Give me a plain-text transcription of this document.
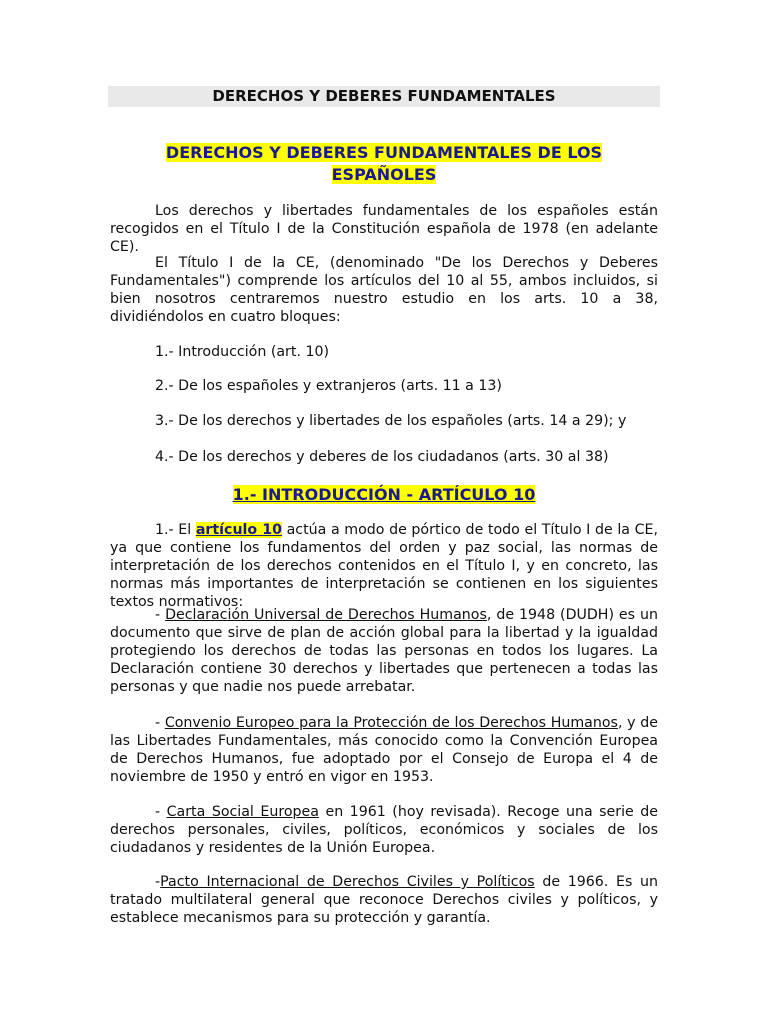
DERECHOS Y DEBERES FUNDAMENTALES
DERECHOS Y DEBERES FUNDAMENTALES DE LOS
ESPAÑOLES

Los derechos y libertades fundamentales de los españoles están recogidos en el Título I de la Constitución española de 1978 (en adelante CE).

El Título I de la CE, (denominado "De los Derechos y Deberes Fundamentales") comprende los artículos del 10 al 55, ambos incluidos, si bien nosotros centraremos nuestro estudio en los arts. 10 a 38, dividiéndolos en cuatro bloques:

1.- Introducción (art. 10)

2.- De los españoles y extranjeros (arts. 11 a 13)

3.- De los derechos y libertades de los españoles (arts. 14 a 29); y

4.- De los derechos y deberes de los ciudadanos (arts. 30 al 38)

1.- INTRODUCCIÓN - ARTÍCULO 10

1.- El artículo 10 actúa a modo de pórtico de todo el Título I de la CE, ya que contiene los fundamentos del orden y paz social, las normas de interpretación de los derechos contenidos en el Título I, y en concreto, las normas más importantes de interpretación se contienen en los siguientes textos normativos:

- Declaración Universal de Derechos Humanos, de 1948 (DUDH) es un documento que sirve de plan de acción global para la libertad y la igualdad protegiendo los derechos de todas las personas en todos los lugares. La Declaración contiene 30 derechos y libertades que pertenecen a todas las personas y que nadie nos puede arrebatar.

- Convenio Europeo para la Protección de los Derechos Humanos, y de las Libertades Fundamentales, más conocido como la Convención Europea de Derechos Humanos, fue adoptado por el Consejo de Europa el 4 de noviembre de 1950 y entró en vigor en 1953.

- Carta Social Europea en 1961 (hoy revisada). Recoge una serie de derechos personales, civiles, políticos, económicos y sociales de los ciudadanos y residentes de la Unión Europea.

-Pacto Internacional de Derechos Civiles y Políticos de 1966. Es un tratado multilateral general que reconoce Derechos civiles y políticos, y establece mecanismos para su protección y garantía.
